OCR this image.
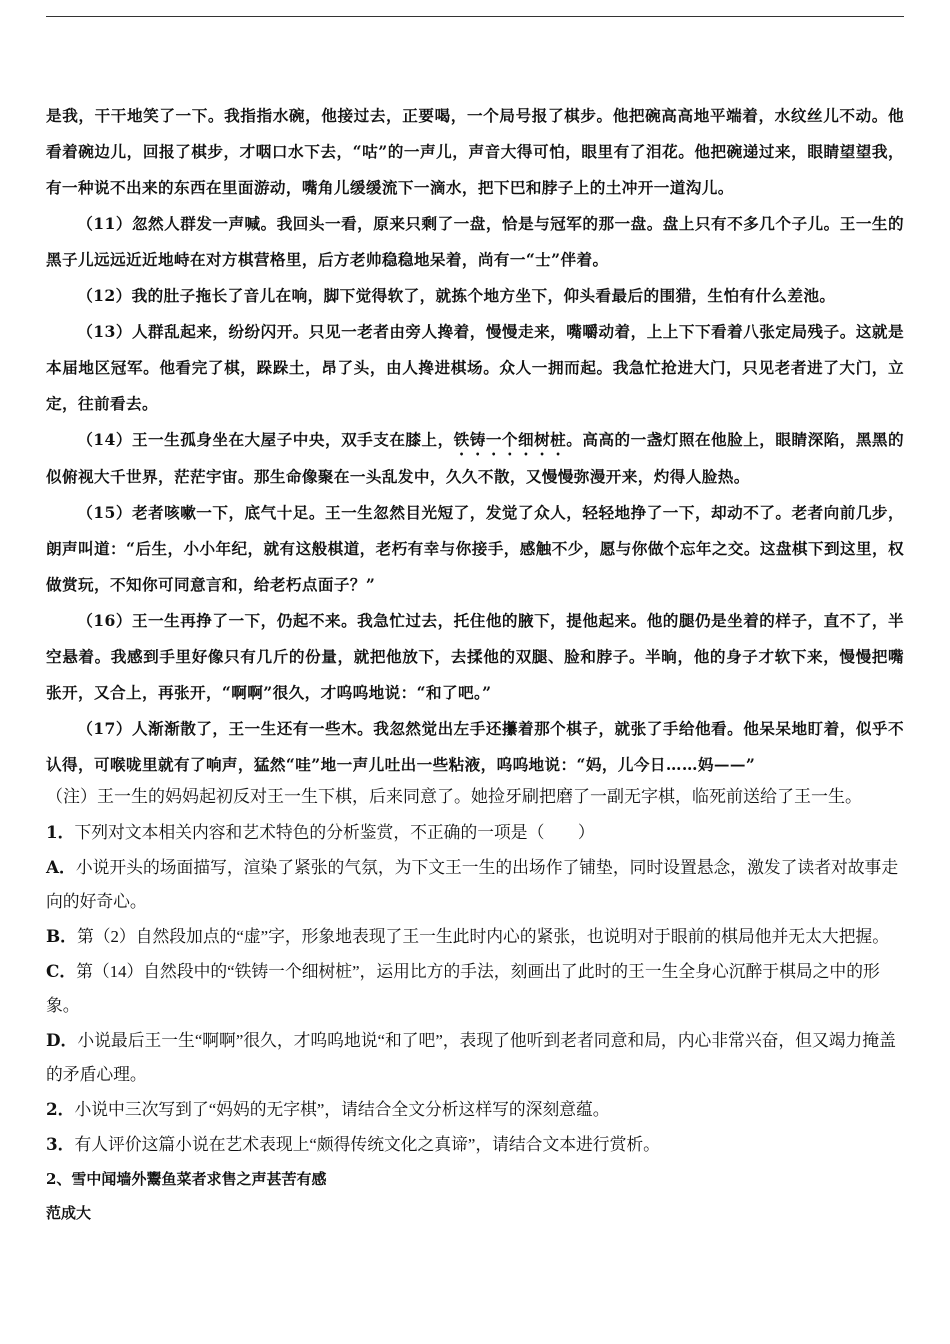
是我，干干地笑了一下。我指指水碗，他接过去，正要喝，一个局号报了棋步。他把碗高高地平端着，水纹丝儿不动。他看着碗边儿，回报了棋步，才咽口水下去，“咕”的一声儿，声音大得可怕，眼里有了泪花。他把碗递过来，眼睛望望我，有一种说不出来的东西在里面游动，嘴角儿缓缓流下一滴水，把下巴和脖子上的土冲开一道沟儿。

（11）忽然人群发一声喊。我回头一看，原来只剩了一盘，恰是与冠军的那一盘。盘上只有不多几个子儿。王一生的黑子儿远远近近地峙在对方棋营格里，后方老帅稳稳地呆着，尚有一“士”伴着。

（12）我的肚子拖长了音儿在响，脚下觉得软了，就拣个地方坐下，仰头看最后的围猎，生怕有什么差池。

（13）人群乱起来，纷纷闪开。只见一老者由旁人搀着，慢慢走来，嘴嚼动着，上上下下看着八张定局残子。这就是本届地区冠军。他看完了棋，跺跺土，昂了头，由人搀进棋场。众人一拥而起。我急忙抢进大门，只见老者进了大门，立定，往前看去。

（14）王一生孤身坐在大屋子中央，双手支在膝上，铁铸一个细树桩。高高的一盏灯照在他脸上，眼睛深陷，黑黑的似俯视大千世界，茫茫宇宙。那生命像聚在一头乱发中，久久不散，又慢慢弥漫开来，灼得人脸热。

（15）老者咳嗽一下，底气十足。王一生忽然目光短了，发觉了众人，轻轻地挣了一下，却动不了。老者向前几步，朗声叫道：“后生，小小年纪，就有这般棋道，老朽有幸与你接手，感触不少，愿与你做个忘年之交。这盘棋下到这里，权做赏玩，不知你可同意言和，给老朽点面子？”

（16）王一生再挣了一下，仍起不来。我急忙过去，托住他的腋下，提他起来。他的腿仍是坐着的样子，直不了，半空悬着。我感到手里好像只有几斤的份量，就把他放下，去揉他的双腿、脸和脖子。半晌，他的身子才软下来，慢慢把嘴张开，又合上，再张开，“啊啊”很久，才呜呜地说：“和了吧。”

（17）人渐渐散了，王一生还有一些木。我忽然觉出左手还攥着那个棋子，就张了手给他看。他呆呆地盯着，似乎不认得，可喉咙里就有了响声，猛然“哇”地一声儿吐出一些粘液，呜呜地说：“妈，儿今日……妈——”

（注）王一生的妈妈起初反对王一生下棋，后来同意了。她捡牙刷把磨了一副无字棋，临死前送给了王一生。

1．下列对文本相关内容和艺术特色的分析鉴赏，不正确的一项是（　　）

A．小说开头的场面描写，渲染了紧张的气氛，为下文王一生的出场作了铺垫，同时设置悬念，激发了读者对故事走向的好奇心。

B．第（2）自然段加点的“虚”字，形象地表现了王一生此时内心的紧张，也说明对于眼前的棋局他并无太大把握。

C．第（14）自然段中的“铁铸一个细树桩”，运用比方的手法，刻画出了此时的王一生全身心沉醉于棋局之中的形象。

D．小说最后王一生“啊啊”很久，才呜呜地说“和了吧”，表现了他听到老者同意和局，内心非常兴奋，但又竭力掩盖的矛盾心理。

2．小说中三次写到了“妈妈的无字棋”，请结合全文分析这样写的深刻意蕴。

3．有人评价这篇小说在艺术表现上“颇得传统文化之真谛”，请结合文本进行赏析。

2、雪中闻墙外鬻鱼菜者求售之声甚苦有感

范成大
